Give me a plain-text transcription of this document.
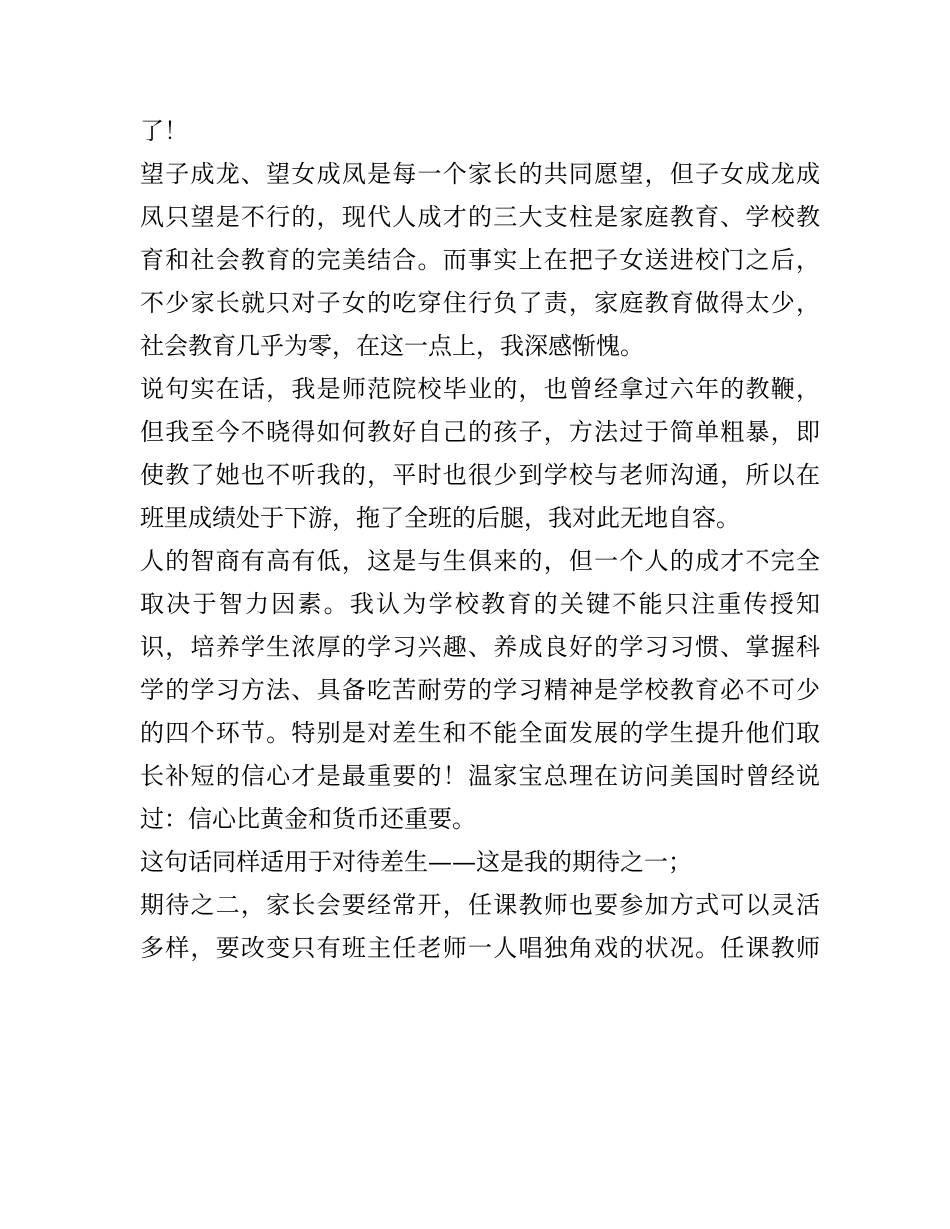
了！
望子成龙、望女成凤是每一个家长的共同愿望，但子女成龙成
凤只望是不行的，现代人成才的三大支柱是家庭教育、学校教
育和社会教育的完美结合。而事实上在把子女送进校门之后，
不少家长就只对子女的吃穿住行负了责，家庭教育做得太少，
社会教育几乎为零，在这一点上，我深感惭愧。
说句实在话，我是师范院校毕业的，也曾经拿过六年的教鞭，
但我至今不晓得如何教好自己的孩子，方法过于简单粗暴，即
使教了她也不听我的，平时也很少到学校与老师沟通，所以在
班里成绩处于下游，拖了全班的后腿，我对此无地自容。
人的智商有高有低，这是与生俱来的，但一个人的成才不完全
取决于智力因素。我认为学校教育的关键不能只注重传授知
识，培养学生浓厚的学习兴趣、养成良好的学习习惯、掌握科
学的学习方法、具备吃苦耐劳的学习精神是学校教育必不可少
的四个环节。特别是对差生和不能全面发展的学生提升他们取
长补短的信心才是最重要的！温家宝总理在访问美国时曾经说
过：信心比黄金和货币还重要。
这句话同样适用于对待差生——这是我的期待之一；
期待之二，家长会要经常开，任课教师也要参加方式可以灵活
多样，要改变只有班主任老师一人唱独角戏的状况。任课教师
